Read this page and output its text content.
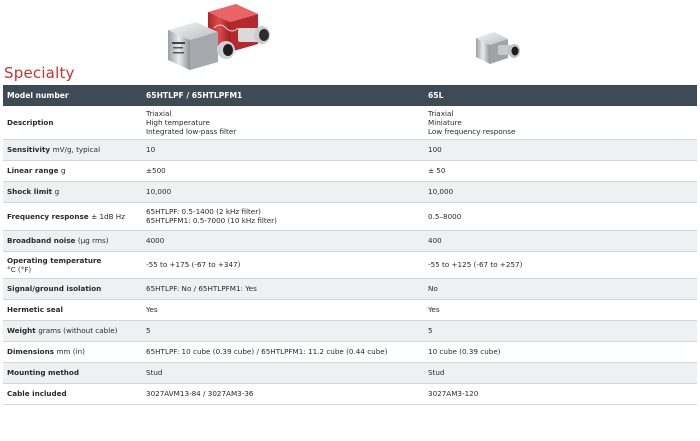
Specialty
Model number	65HTLPF / 65HTLPFM1	65L
Description	Triaxial
High temperature
Integrated low-pass filter	Triaxial
Miniature
Low frequency response

Sensitivity mV/g, typical	10	100

Linear range g	±500	± 50

Shock limit g	10,000	10,000

Frequency response ± 1dB Hz	65HTLPF: 0.5-1400 (2 kHz filter)
65HTLPFM1: 0.5-7000 (10 kHz filter)	0.5–8000

Broadband noise (µg rms)	4000	400

Operating temperature
°C (°F)	-55 to +175 (-67 to +347)	-55 to +125 (-67 to +257)

Signal/ground isolation	65HTLPF: No / 65HTLPFM1: Yes	No

Hermetic seal	Yes	Yes

Weight grams (without cable)	5	5

Dimensions mm (in)	65HTLPF: 10 cube (0.39 cube) / 65HTLPFM1: 11.2 cube (0.44 cube)	10 cube (0.39 cube)

Mounting method	Stud	Stud

Cable included	3027AVM13-84 / 3027AM3-36	3027AM3-120
